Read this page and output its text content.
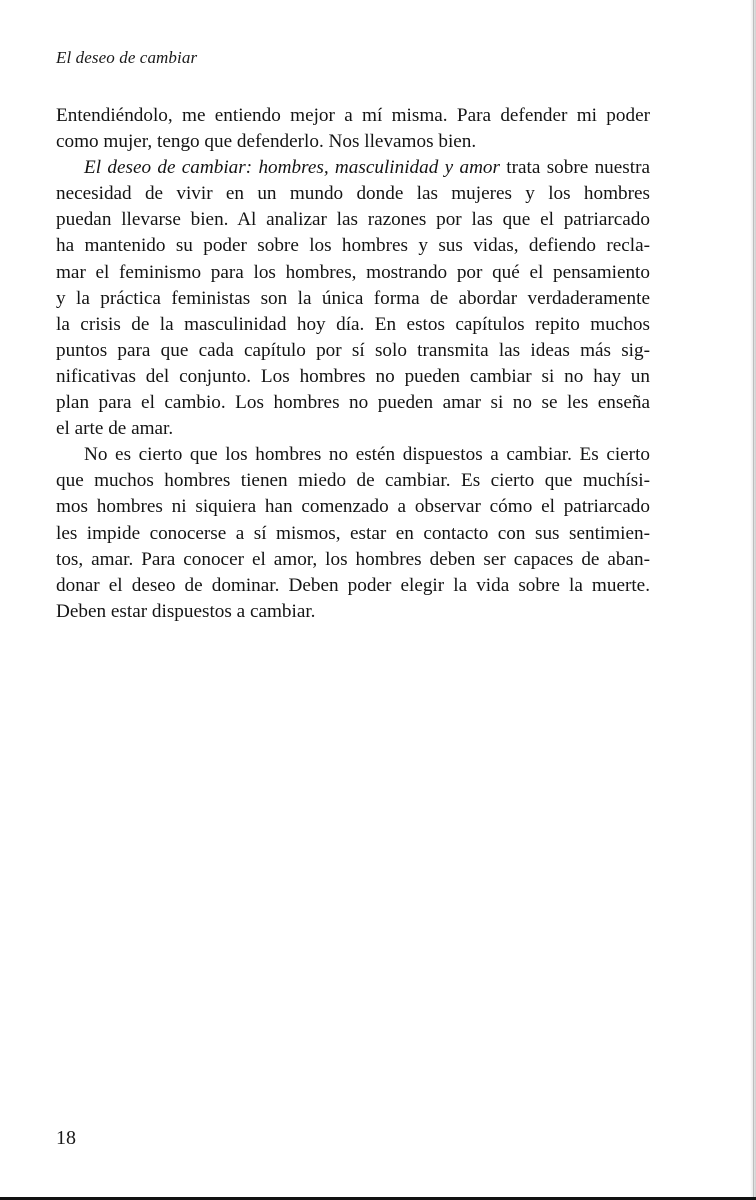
El deseo de cambiar
Entendiéndolo, me entiendo mejor a mí misma. Para defender mi poder
como mujer, tengo que defenderlo. Nos llevamos bien.
El deseo de cambiar: hombres, masculinidad y amor trata sobre nuestra
necesidad de vivir en un mundo donde las mujeres y los hombres
puedan llevarse bien. Al analizar las razones por las que el patriarcado
ha mantenido su poder sobre los hombres y sus vidas, defiendo recla-
mar el feminismo para los hombres, mostrando por qué el pensamiento
y la práctica feministas son la única forma de abordar verdaderamente
la crisis de la masculinidad hoy día. En estos capítulos repito muchos
puntos para que cada capítulo por sí solo transmita las ideas más sig-
nificativas del conjunto. Los hombres no pueden cambiar si no hay un
plan para el cambio. Los hombres no pueden amar si no se les enseña
el arte de amar.
No es cierto que los hombres no estén dispuestos a cambiar. Es cierto
que muchos hombres tienen miedo de cambiar. Es cierto que muchísi-
mos hombres ni siquiera han comenzado a observar cómo el patriarcado
les impide conocerse a sí mismos, estar en contacto con sus sentimien-
tos, amar. Para conocer el amor, los hombres deben ser capaces de aban-
donar el deseo de dominar. Deben poder elegir la vida sobre la muerte.
Deben estar dispuestos a cambiar.
18
